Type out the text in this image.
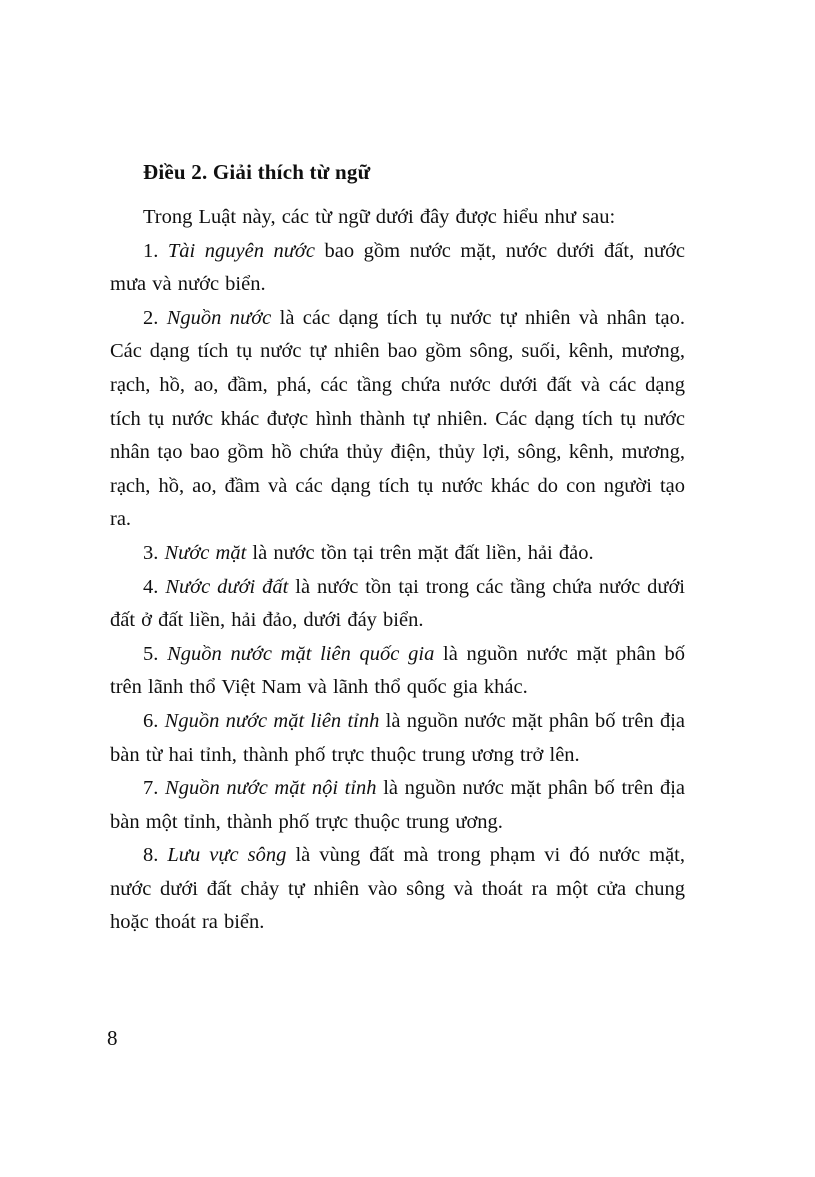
Điều 2. Giải thích từ ngữ

Trong Luật này, các từ ngữ dưới đây được hiểu như sau:

1. Tài nguyên nước bao gồm nước mặt, nước dưới đất, nước mưa và nước biển.

2. Nguồn nước là các dạng tích tụ nước tự nhiên và nhân tạo. Các dạng tích tụ nước tự nhiên bao gồm sông, suối, kênh, mương, rạch, hồ, ao, đầm, phá, các tầng chứa nước dưới đất và các dạng tích tụ nước khác được hình thành tự nhiên. Các dạng tích tụ nước nhân tạo bao gồm hồ chứa thủy điện, thủy lợi, sông, kênh, mương, rạch, hồ, ao, đầm và các dạng tích tụ nước khác do con người tạo ra.

3. Nước mặt là nước tồn tại trên mặt đất liền, hải đảo.

4. Nước dưới đất là nước tồn tại trong các tầng chứa nước dưới đất ở đất liền, hải đảo, dưới đáy biển.

5. Nguồn nước mặt liên quốc gia là nguồn nước mặt phân bố trên lãnh thổ Việt Nam và lãnh thổ quốc gia khác.

6. Nguồn nước mặt liên tỉnh là nguồn nước mặt phân bố trên địa bàn từ hai tỉnh, thành phố trực thuộc trung ương trở lên.

7. Nguồn nước mặt nội tỉnh là nguồn nước mặt phân bố trên địa bàn một tỉnh, thành phố trực thuộc trung ương.

8. Lưu vực sông là vùng đất mà trong phạm vi đó nước mặt, nước dưới đất chảy tự nhiên vào sông và thoát ra một cửa chung hoặc thoát ra biển.

8
